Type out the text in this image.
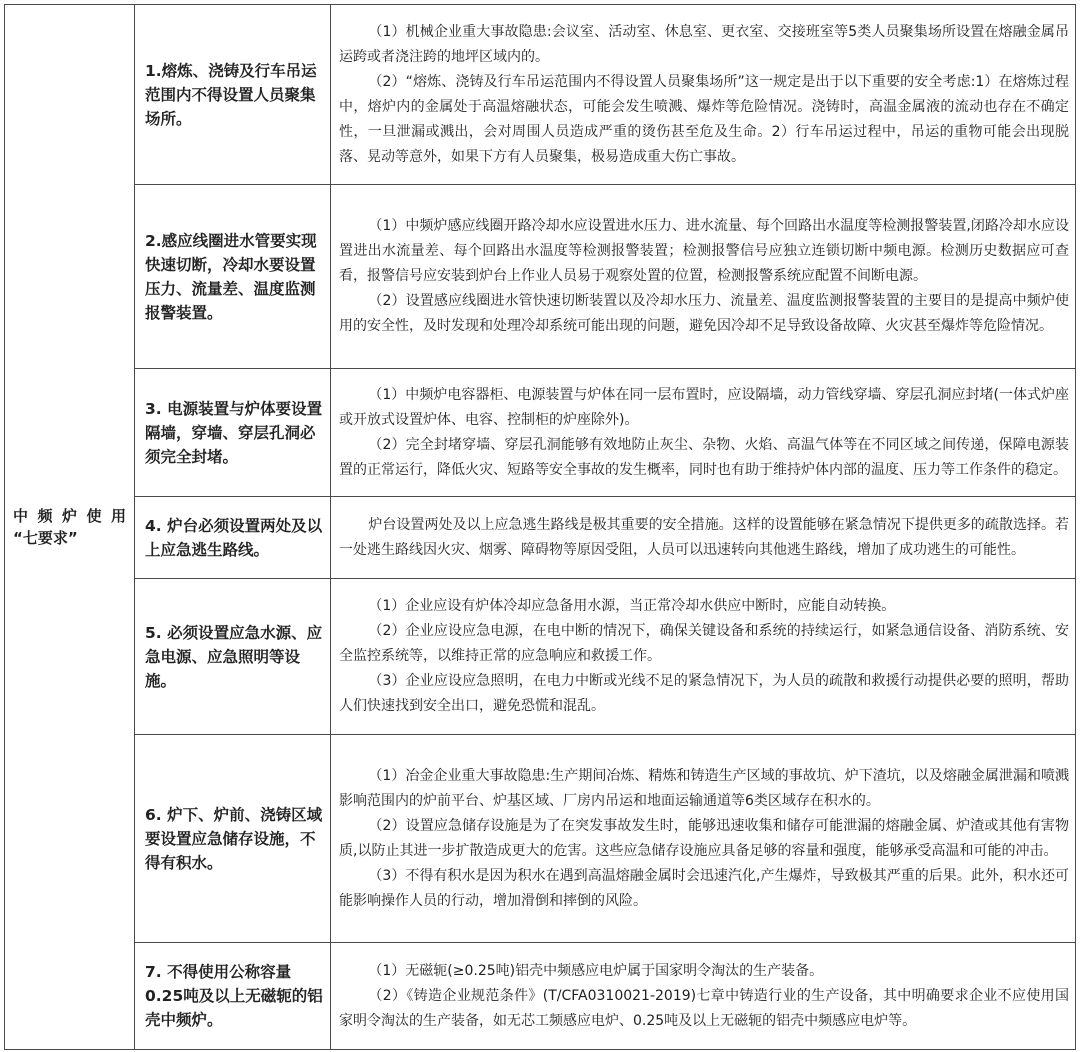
中 频 炉 使 用 “七要求”	1.熔炼、浇铸及行车吊运范围内不得设置人员聚集场所。	（1）机械企业重大事故隐患:会议室、活动室、休息室、更衣室、交接班室等5类人员聚集场所设置在熔融金属吊运跨或者浇注跨的地坪区域内的。

（2）“熔炼、浇铸及行车吊运范围内不得设置人员聚集场所”这一规定是出于以下重要的安全考虑:1）在熔炼过程中，熔炉内的金属处于高温熔融状态，可能会发生喷溅、爆炸等危险情况。浇铸时，高温金属液的流动也存在不确定性，一旦泄漏或溅出，会对周围人员造成严重的烫伤甚至危及生命。2）行车吊运过程中，吊运的重物可能会出现脱落、晃动等意外，如果下方有人员聚集，极易造成重大伤亡事故。

	2.感应线圈进水管要实现快速切断，冷却水要设置压力、流量差、温度监测报警装置。	（1）中频炉感应线圈开路冷却水应设置进水压力、进水流量、每个回路出水温度等检测报警装置,闭路冷却水应设置进出水流量差、每个回路出水温度等检测报警装置；检测报警信号应独立连锁切断中频电源。检测历史数据应可查看，报警信号应安装到炉台上作业人员易于观察处置的位置，检测报警系统应配置不间断电源。

（2）设置感应线圈进水管快速切断装置以及冷却水压力、流量差、温度监测报警装置的主要目的是提高中频炉使用的安全性，及时发现和处理冷却系统可能出现的问题，避免因冷却不足导致设备故障、火灾甚至爆炸等危险情况。

	3. 电源装置与炉体要设置隔墙，穿墙、穿层孔洞必须完全封堵。	（1）中频炉电容器柜、电源装置与炉体在同一层布置时，应设隔墙，动力管线穿墙、穿层孔洞应封堵(一体式炉座或开放式设置炉体、电容、控制柜的炉座除外)。

（2）完全封堵穿墙、穿层孔洞能够有效地防止灰尘、杂物、火焰、高温气体等在不同区域之间传递，保障电源装置的正常运行，降低火灾、短路等安全事故的发生概率，同时也有助于维持炉体内部的温度、压力等工作条件的稳定。

	4. 炉台必须设置两处及以上应急逃生路线。	炉台设置两处及以上应急逃生路线是极其重要的安全措施。这样的设置能够在紧急情况下提供更多的疏散选择。若一处逃生路线因火灾、烟雾、障碍物等原因受阻，人员可以迅速转向其他逃生路线，增加了成功逃生的可能性。

	5. 必须设置应急水源、应急电源、应急照明等设施。	（1）企业应设有炉体冷却应急备用水源，当正常冷却水供应中断时，应能自动转换。

（2）企业应设应急电源，在电中断的情况下，确保关键设备和系统的持续运行，如紧急通信设备、消防系统、安全监控系统等，以维持正常的应急响应和救援工作。

（3）企业应设应急照明，在电力中断或光线不足的紧急情况下，为人员的疏散和救援行动提供必要的照明，帮助人们快速找到安全出口，避免恐慌和混乱。

	6. 炉下、炉前、浇铸区域要设置应急储存设施，不得有积水。	（1）冶金企业重大事故隐患:生产期间冶炼、精炼和铸造生产区域的事故坑、炉下渣坑，以及熔融金属泄漏和喷溅影响范围内的炉前平台、炉基区域、厂房内吊运和地面运输通道等6类区域存在积水的。

（2）设置应急储存设施是为了在突发事故发生时，能够迅速收集和储存可能泄漏的熔融金属、炉渣或其他有害物质,以防止其进一步扩散造成更大的危害。这些应急储存设施应具备足够的容量和强度，能够承受高温和可能的冲击。

（3）不得有积水是因为积水在遇到高温熔融金属时会迅速汽化,产生爆炸，导致极其严重的后果。此外，积水还可能影响操作人员的行动，增加滑倒和摔倒的风险。

	7. 不得使用公称容量0.25吨及以上无磁轭的铝壳中频炉。	（1）无磁轭(≥0.25吨)铝壳中频感应电炉属于国家明令淘汰的生产装备。

（2）《铸造企业规范条件》(T/CFA0310021-2019)七章中铸造行业的生产设备，其中明确要求企业不应使用国家明令淘汰的生产装备，如无芯工频感应电炉、0.25吨及以上无磁轭的铝壳中频感应电炉等。
